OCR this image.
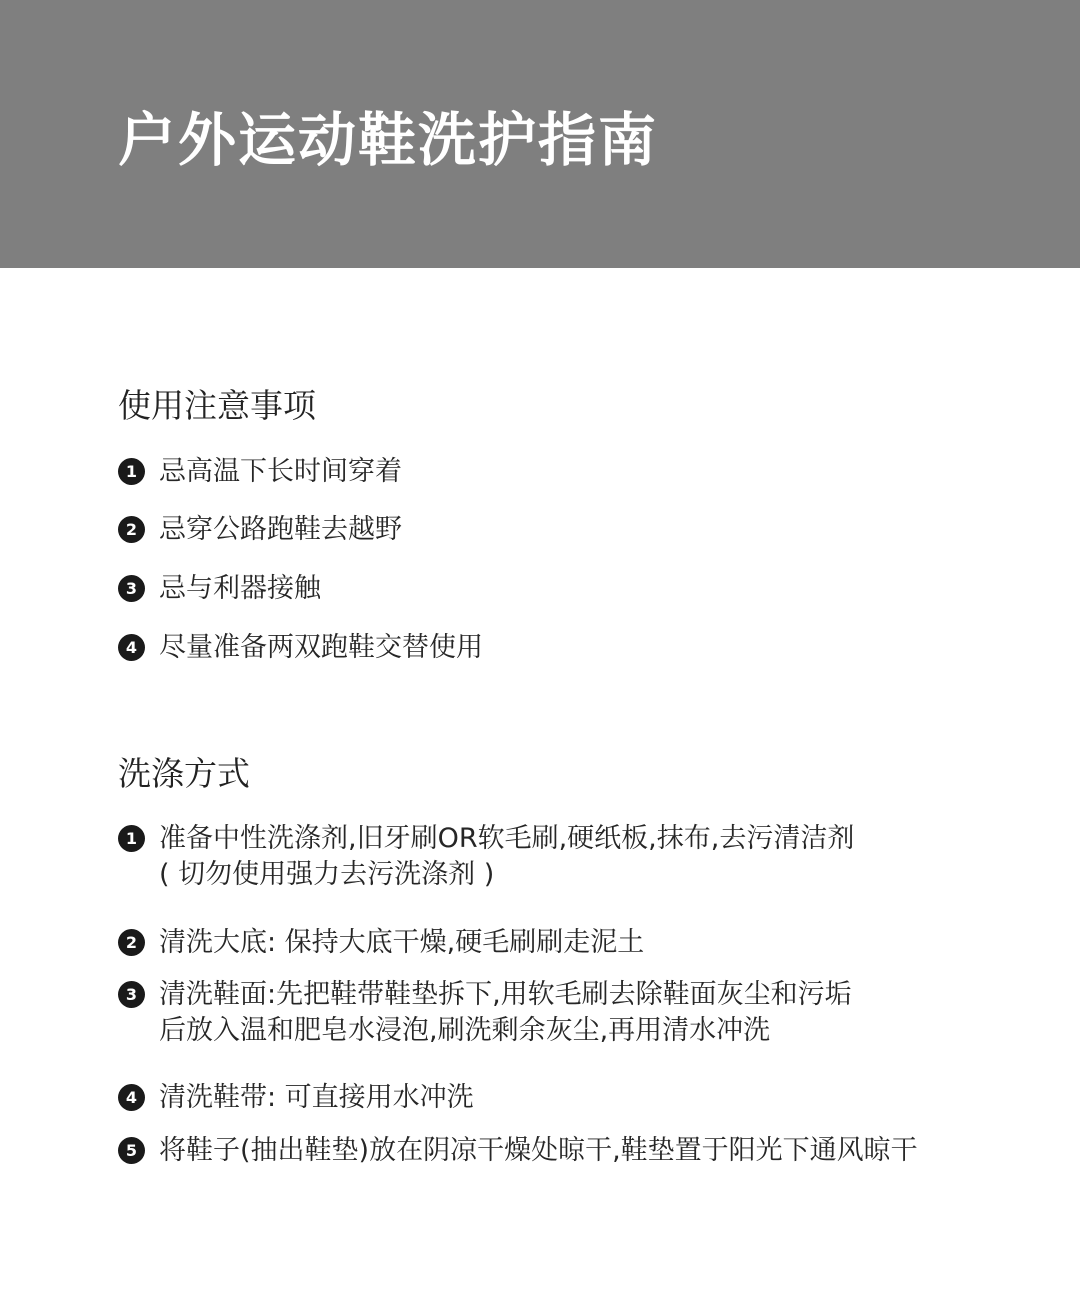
户外运动鞋洗护指南
使用注意事项
1 忌高温下长时间穿着
2 忌穿公路跑鞋去越野
3 忌与利器接触
4 尽量准备两双跑鞋交替使用
洗涤方式
1 准备中性洗涤剂,旧牙刷OR软毛刷,硬纸板,抹布,去污清洁剂
( 切勿使用强力去污洗涤剂 )
2 清洗大底: 保持大底干燥,硬毛刷刷走泥土
3 清洗鞋面:先把鞋带鞋垫拆下,用软毛刷去除鞋面灰尘和污垢
后放入温和肥皂水浸泡,刷洗剩余灰尘,再用清水冲洗
4 清洗鞋带: 可直接用水冲洗
5 将鞋子(抽出鞋垫)放在阴凉干燥处晾干,鞋垫置于阳光下通风晾干
